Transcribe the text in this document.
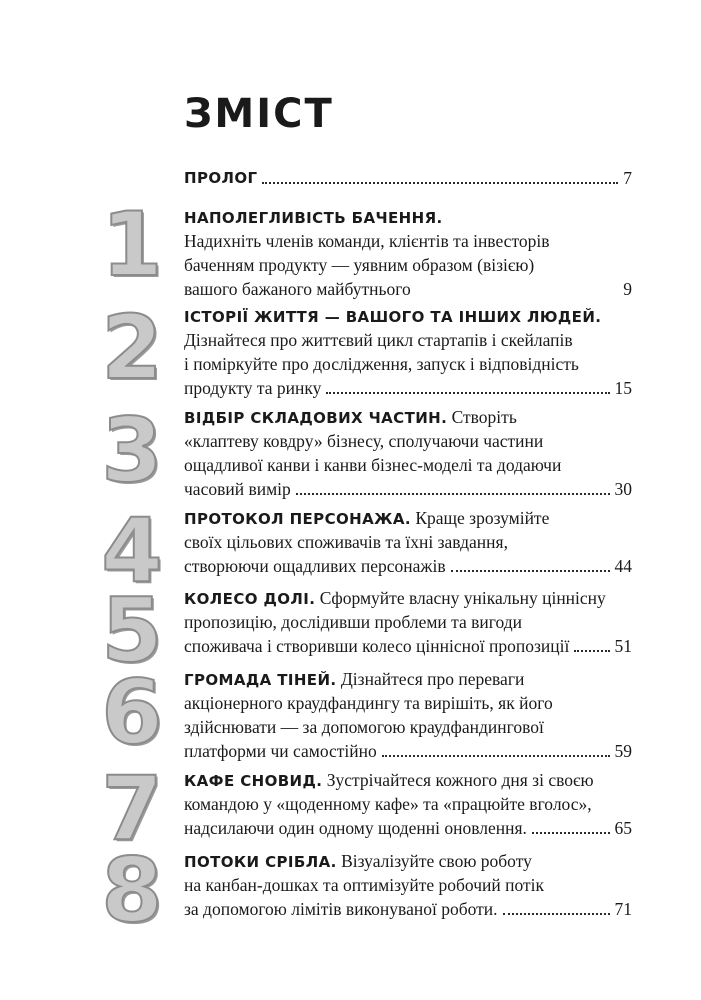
ЗМІСТ
ПРОЛОГ	7
1	НАПОЛЕГЛИВІСТЬ БАЧЕННЯ.
Надихніть членів команди, клієнтів та інвесторів
баченням продукту — уявним образом (візією)
вашого бажаного майбутнього	9
2	ІСТОРІЇ ЖИТТЯ — ВАШОГО ТА ІНШИХ ЛЮДЕЙ.
Дізнайтеся про життєвий цикл стартапів і скейлапів
і поміркуйте про дослідження, запуск і відповідність
продукту та ринку	15
3	ВІДБІР СКЛАДОВИХ ЧАСТИН. Створіть
«клаптеву ковдру» бізнесу, сполучаючи частини
ощадливої канви і канви бізнес-моделі та додаючи
часовий вимір	30
4	ПРОТОКОЛ ПЕРСОНАЖА. Краще зрозумійте
своїх цільових споживачів та їхні завдання,
створюючи ощадливих персонажів	44
5	КОЛЕСО ДОЛІ. Сформуйте власну унікальну ціннісну
пропозицію, дослідивши проблеми та вигоди
споживача і створивши колесо ціннісної пропозиції	51
6	ГРОМАДА ТІНЕЙ. Дізнайтеся про переваги
акціонерного краудфандингу та вирішіть, як його
здійснювати — за допомогою краудфандингової
платформи чи самостійно	59
7	КАФЕ СНОВИД. Зустрічайтеся кожного дня зі своєю
командою у «щоденному кафе» та «працюйте вголос»,
надсилаючи один одному щоденні оновлення.	65
8	ПОТОКИ СРІБЛА. Візуалізуйте свою роботу
на канбан-дошках та оптимізуйте робочий потік
за допомогою лімітів виконуваної роботи.	71
